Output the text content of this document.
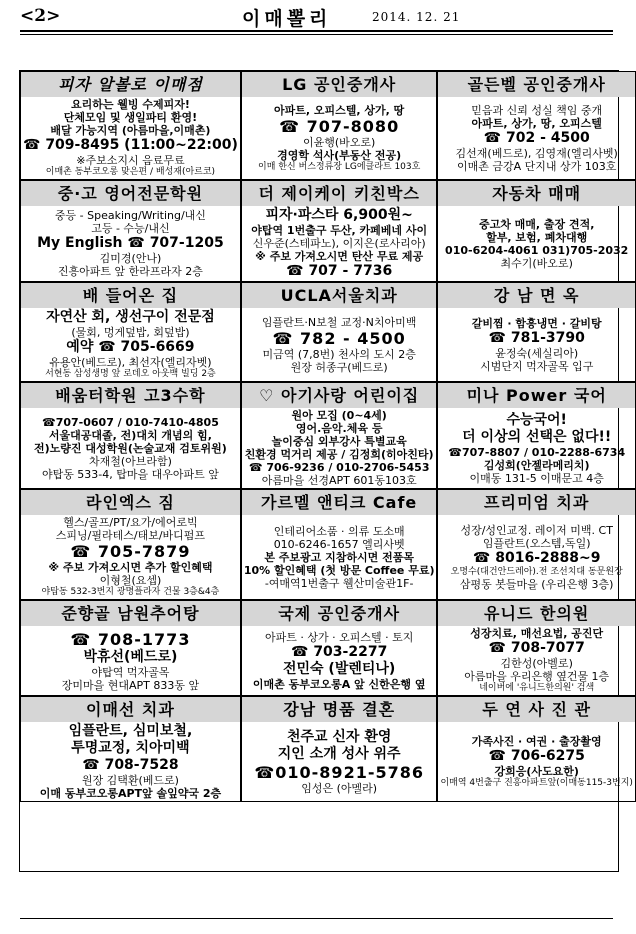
<2>	이매뽈리	2014. 12. 21
피자 알볼로 이매점
요리하는 웰빙 수제피자!
단체모임 및 생일파티 환영!
배달 가능지역 (아름마을,이매촌)
☎ 709-8495 (11:00~22:00)
※주보소지시 음료무료
이매촌 동부코오롱 맞은편 / 배성재(아르코)
LG 공인중개사
아파트, 오피스텔, 상가, 땅
☎ 707-8080
이윤행(바오로)
경영학 석사(부동산 전공)
이매 한신 버스정류장 LG에클라트 103호
골든벨 공인중개사
믿음과 신뢰 성실 책임 중개
아파트, 상가, 땅, 오피스텔
☎ 702 - 4500
김선재(베드로), 김영재(엘리사벳)
이매촌 금강A 단지내 상가 103호
중·고 영어전문학원
중등 - Speaking/Writing/내신
고등 - 수능/내신
My English ☎ 707-1205
김미경(안나)
진흥아파트 앞 한라프라자 2층
더 제이케이 키친박스
피자·파스타 6,900원~
야탑역 1번출구 두산, 카페베네 사이
신우준(스테파노), 이지은(로사리아)
※ 주보 가져오시면 탄산 무료 제공
☎ 707 - 7736
자동차 매매
중고차 매매, 출장 견적,
할부, 보험, 폐차대행
010-6204-4061 031)705-2032
최수기(바오로)
배 들어온 집
자연산 회, 생선구이 전문점
(물회, 멍게덮밥, 회덮밥)
예약 ☎ 705-6669
유용안(베드로), 최선자(엘리자벳)
서현동 삼성생명 앞 로데오 아웃백 빌딩 2층
UCLA서울치과
임플란트·N보철 교정·N치아미백
☎ 782 - 4500
미금역 (7,8번) 천사의 도시 2층
원장 허종구(베드로)
강 남 면 옥
갈비찜 · 함흥냉면 · 갈비탕
☎ 781-3790
윤정숙(세실리아)
시범단지 먹자골목 입구
배움터학원 고3수학
☎707-0607 / 010-7410-4805
서울대공대졸, 전)대치 개념의 힘,
전)노량진 대성학원(논술교재 검토위원)
차재철(아브라함)
야탑동 533-4, 탑마을 대우아파트 앞
♡ 아기사랑 어린이집
원아 모집 (0~4세)
영어.음악.체육 등
놀이중심 외부강사 특별교육
친환경 먹거리 제공 / 김정희(히아친타)
☎ 706-9236 / 010-2706-5453
아름마을 선경APT 601동103호
미나 Power 국어
수능국어!
더 이상의 선택은 없다!!
☎707-8807 / 010-2288-6734
김성희(안젤라메리치)
이매동 131-5 이매문고 4층
라인엑스 짐
헬스/골프/PT/요가/에어로빅
스피닝/필라테스/태보/바디펌프
☎ 705-7879
※ 주보 가져오시면 추가 할인혜택
이형철(요셉)
야탑동 532-3번지 광명플라자 건물 3층&4층
가르멜 앤티크 Cafe
인테리어소품 · 의류 도소매
010-6246-1657 엘리사벳
본 주보광고 지참하시면 전품목
10% 할인혜택 (첫 방문 Coffee 무료)
-여매역1번출구 웰산미술관1F-
프리미엄 치과
성장/성인교정. 레이저 미백. CT
임플란트(오스템,독일)
☎ 8016-2888~9
오명수(대건안드레아).전 조선치대 동문원장
삼평동 봇들마을 (우리은행 3층)
준향골 남원추어탕
☎ 708-1773
박휴선(베드로)
야탑역 먹자골목
장미마을 현대APT 833동 앞
국제 공인중개사
아파트 · 상가 · 오피스텔 · 토지
☎ 703-2277
전민숙 (발렌티나)
이매촌 동부코오롱A 앞 신한은행 옆
유니드 한의원
성장치료, 매선요법, 공진단
☎ 708-7077
김한성(아벨로)
아름마을 우리은행 옆건물 1층
네이버에 '유니드한의원' 검색
이매선 치과
임플란트, 심미보철,
투명교정, 치아미백
☎ 708-7528
원장 김택환(베드로)
이매 동부코오롱APT앞 솔잎약국 2층
강남 명품 결혼
천주교 신자 환영
지인 소개 성사 위주
☎010-8921-5786
임성은 (아멜라)
두 연 사 진 관
가족사진 · 여권 · 출장촬영
☎ 706-6275
강희응(사도요한)
이매역 4번출구 진흥아파트앞(이매동115-3번지)
